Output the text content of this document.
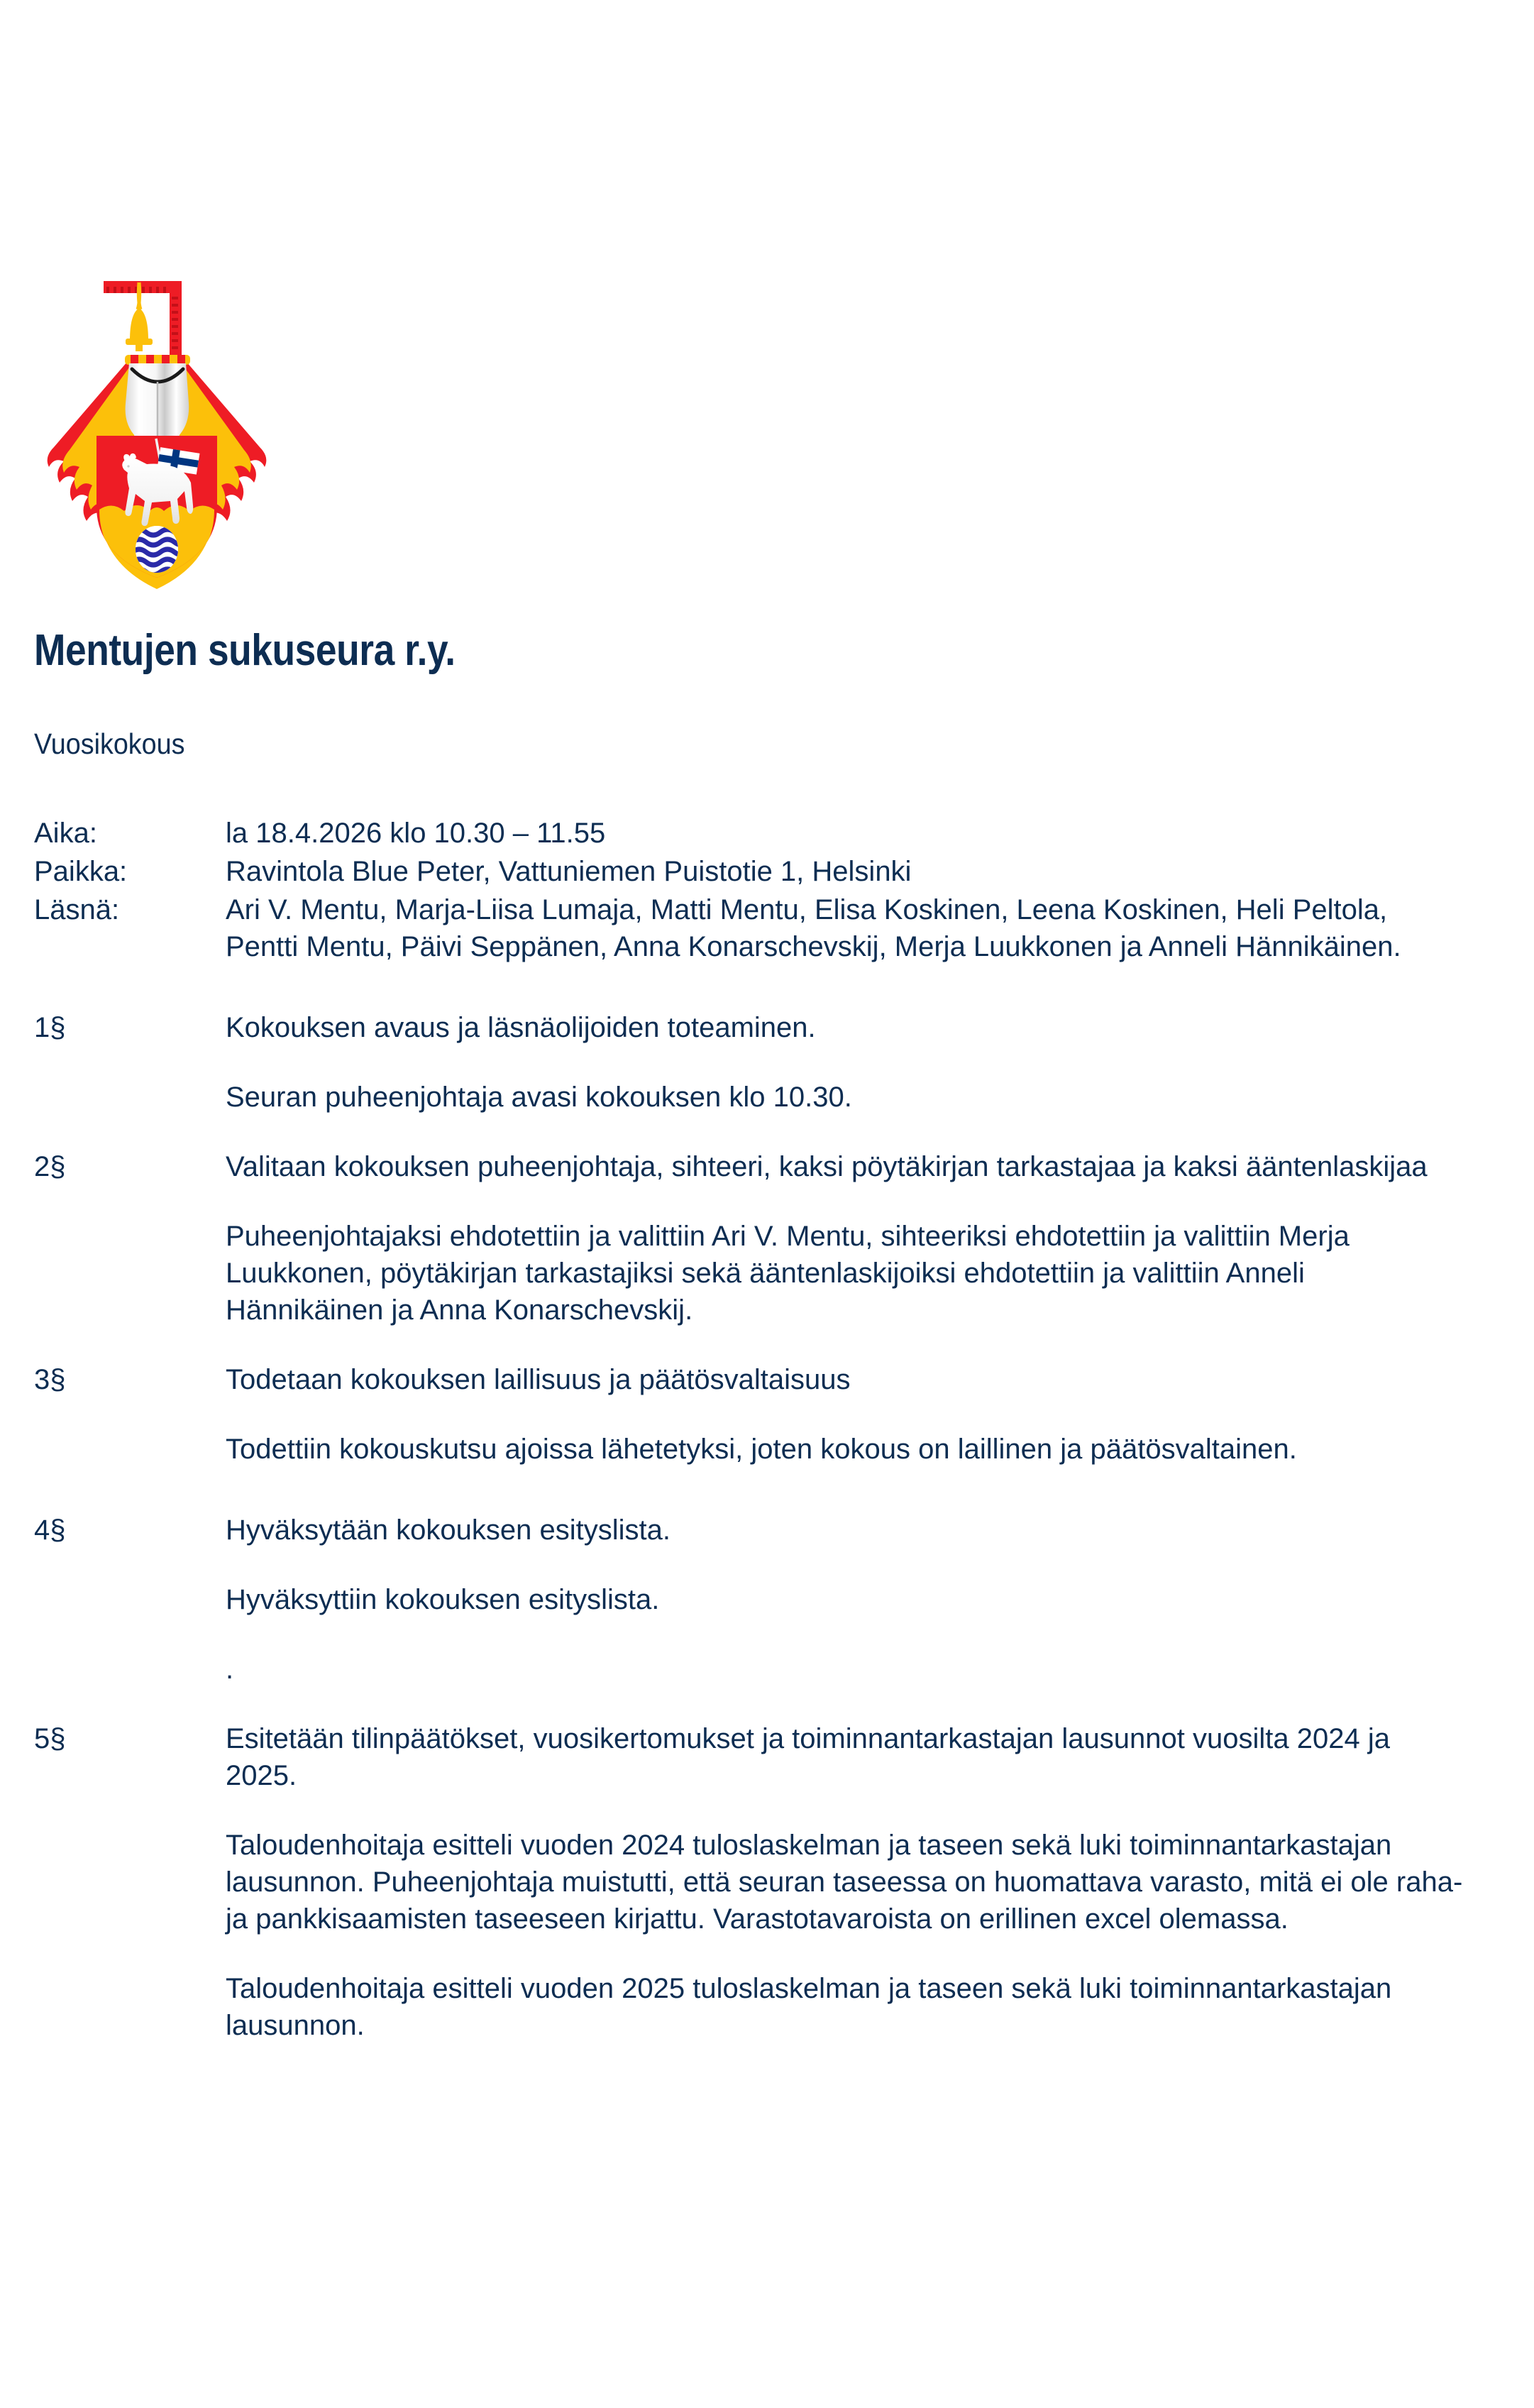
Mentujen sukuseura r.y.
Vuosikokous
Aika:	la 18.4.2026 klo 10.30 – 11.55
Paikka:	Ravintola Blue Peter, Vattuniemen Puistotie 1, Helsinki
Läsnä:	Ari V. Mentu, Marja-Liisa Lumaja, Matti Mentu, Elisa Koskinen, Leena Koskinen, Heli Peltola, Pentti Mentu, Päivi Seppänen, Anna Konarschevskij, Merja Luukkonen ja Anneli Hännikäinen.
1§	Kokouksen avaus ja läsnäolijoiden toteaminen.

Seuran puheenjohtaja avasi kokouksen klo 10.30.

2§	Valitaan kokouksen puheenjohtaja, sihteeri, kaksi pöytäkirjan tarkastajaa ja kaksi ääntenlaskijaa

Puheenjohtajaksi ehdotettiin ja valittiin Ari V. Mentu, sihteeriksi ehdotettiin ja valittiin Merja Luukkonen, pöytäkirjan tarkastajiksi sekä ääntenlaskijoiksi ehdotettiin ja valittiin Anneli Hännikäinen ja Anna Konarschevskij.

3§	Todetaan kokouksen laillisuus ja päätösvaltaisuus

Todettiin kokouskutsu ajoissa lähetetyksi, joten kokous on laillinen ja päätösvaltainen.

4§	Hyväksytään kokouksen esityslista.

Hyväksyttiin kokouksen esityslista.

.

5§	Esitetään tilinpäätökset, vuosikertomukset ja toiminnantarkastajan lausunnot vuosilta 2024 ja 2025.

Taloudenhoitaja esitteli vuoden 2024 tuloslaskelman ja taseen sekä luki toiminnantarkastajan lausunnon. Puheenjohtaja muistutti, että seuran taseessa on huomattava varasto, mitä ei ole raha- ja pankkisaamisten taseeseen kirjattu. Varastotavaroista on erillinen excel olemassa.

Taloudenhoitaja esitteli vuoden 2025 tuloslaskelman ja taseen sekä luki toiminnantarkastajan lausunnon.
